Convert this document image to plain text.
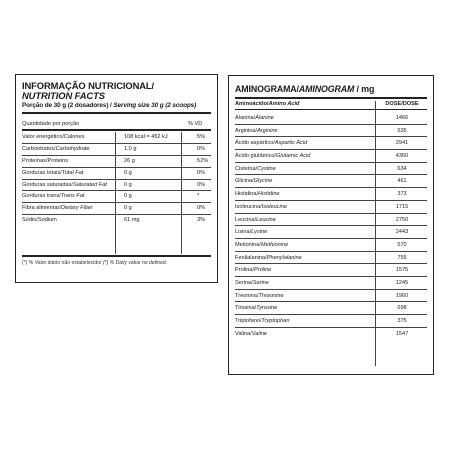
INFORMAÇÃO NUTRICIONAL/
NUTRITION FACTS
Porção de 30 g (2 dosadores) / Serving size 30 g (2 scoops)
Quantidade por porção	% VD
Valor energético/Calories	108 kcal = 452 kJ	5%
Carboidratos/Carbohydrate	1,0 g	0%
Proteínas/Proteins	26 g	52%
Gorduras totais/Total Fat	0 g	0%
Gorduras saturadas/Saturated Fat	0 g	0%
Gorduras trans/Trans Fat	0 g	*
Fibra alimentar/Dietary Fiber	0 g	0%
Sódio/Sodium	61 mg	3%
(*) % Valor diário não estabelecido/ (*) % Daily value no defined.
AMINOGRAMA/AMINOGRAM / mg
Aminoácido/Amino Acid	DOSE/DOSE
Alanina/Alanine	1466
Arginina/Arginine	535
Ácido aspártico/Aspartic Acid	2941
Ácido glutâmico/Glutamic Acid	4360
Cisteína/Cystine	634
Glicina/Glycine	461
Histidina/Histidine	373
Isoleucina/Isoleucine	1715
Leucina/Leucine	2750
Lisina/Lysine	2443
Metionina/Methionine	570
Fenilalanina/Phenylalanine	755
Prolina/Proline	1575
Serina/Serine	1245
Treonina/Threonine	1960
Tirosina/Tyrosine	698
Triptofano/Tryptophan	375
Valina/Valine	1547
